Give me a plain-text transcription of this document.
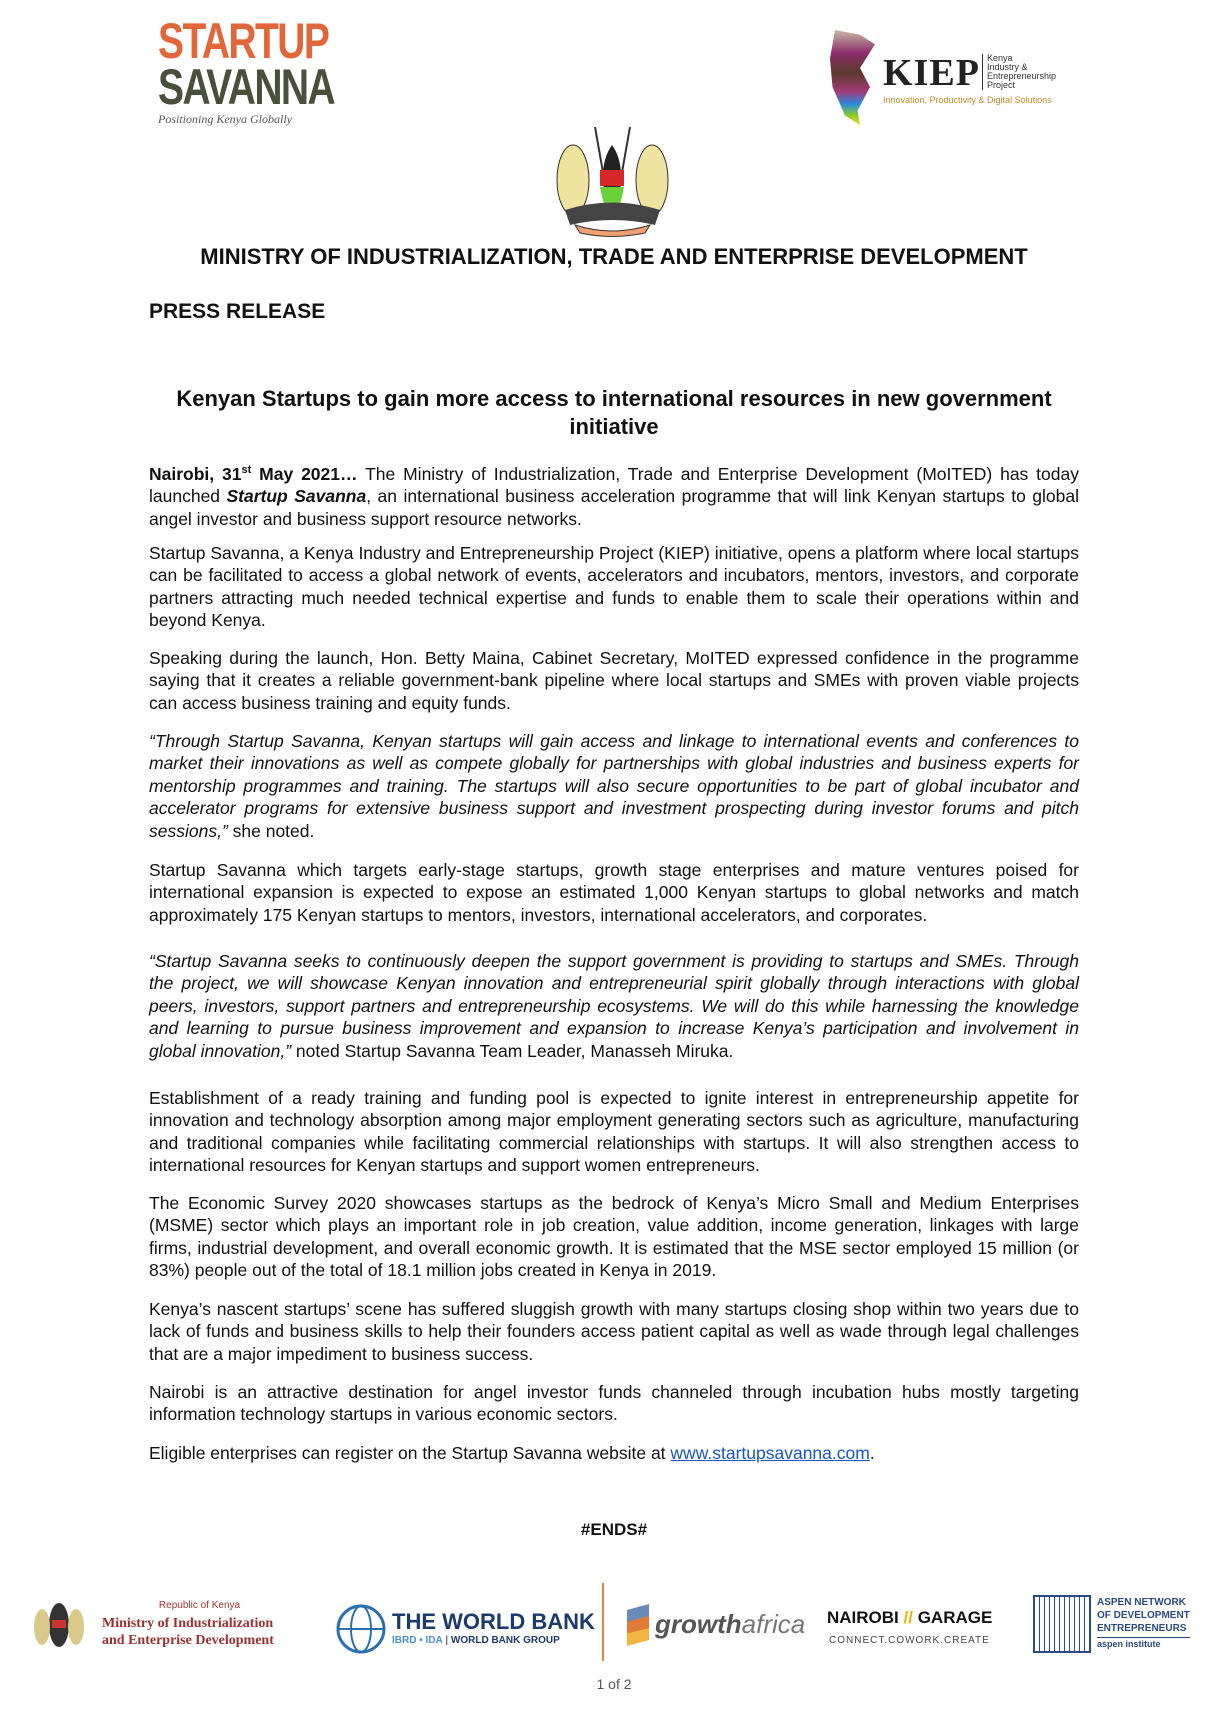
STARTUP
SAVANNA
Positioning Kenya Globally
KIEP Kenya Industry & Entrepreneurship Project
Innovation, Productivity & Digital Solutions
MINISTRY OF INDUSTRIALIZATION, TRADE AND ENTERPRISE DEVELOPMENT
PRESS RELEASE
Kenyan Startups to gain more access to international resources in new government initiative

Nairobi, 31st May 2021… The Ministry of Industrialization, Trade and Enterprise Development (MoITED) has today launched Startup Savanna, an international business acceleration programme that will link Kenyan startups to global angel investor and business support resource networks.

Startup Savanna, a Kenya Industry and Entrepreneurship Project (KIEP) initiative, opens a platform where local startups can be facilitated to access a global network of events, accelerators and incubators, mentors, investors, and corporate partners attracting much needed technical expertise and funds to enable them to scale their operations within and beyond Kenya.

Speaking during the launch, Hon. Betty Maina, Cabinet Secretary, MoITED expressed confidence in the programme saying that it creates a reliable government-bank pipeline where local startups and SMEs with proven viable projects can access business training and equity funds.

“Through Startup Savanna, Kenyan startups will gain access and linkage to international events and conferences to market their innovations as well as compete globally for partnerships with global industries and business experts for mentorship programmes and training. The startups will also secure opportunities to be part of global incubator and accelerator programs for extensive business support and investment prospecting during investor forums and pitch sessions,” she noted.

Startup Savanna which targets early-stage startups, growth stage enterprises and mature ventures poised for international expansion is expected to expose an estimated 1,000 Kenyan startups to global networks and match approximately 175 Kenyan startups to mentors, investors, international accelerators, and corporates.

“Startup Savanna seeks to continuously deepen the support government is providing to startups and SMEs. Through the project, we will showcase Kenyan innovation and entrepreneurial spirit globally through interactions with global peers, investors, support partners and entrepreneurship ecosystems. We will do this while harnessing the knowledge and learning to pursue business improvement and expansion to increase Kenya’s participation and involvement in global innovation,” noted Startup Savanna Team Leader, Manasseh Miruka.

Establishment of a ready training and funding pool is expected to ignite interest in entrepreneurship appetite for innovation and technology absorption among major employment generating sectors such as agriculture, manufacturing and traditional companies while facilitating commercial relationships with startups. It will also strengthen access to international resources for Kenyan startups and support women entrepreneurs.

The Economic Survey 2020 showcases startups as the bedrock of Kenya’s Micro Small and Medium Enterprises (MSME) sector which plays an important role in job creation, value addition, income generation, linkages with large firms, industrial development, and overall economic growth. It is estimated that the MSE sector employed 15 million (or 83%) people out of the total of 18.1 million jobs created in Kenya in 2019.

Kenya’s nascent startups’ scene has suffered sluggish growth with many startups closing shop within two years due to lack of funds and business skills to help their founders access patient capital as well as wade through legal challenges that are a major impediment to business success.

Nairobi is an attractive destination for angel investor funds channeled through incubation hubs mostly targeting information technology startups in various economic sectors.

Eligible enterprises can register on the Startup Savanna website at www.startupsavanna.com.

#ENDS#
Republic of Kenya
Ministry of Industrialization
and Enterprise Development
THE WORLD BANK
IBRD • IDA | WORLD BANK GROUP
growthafrica NAIROBI // GARAGE
CONNECT.COWORK.CREATE
ASPEN NETWORK
OF DEVELOPMENT
ENTREPRENEURS
aspen institute
1 of 2
